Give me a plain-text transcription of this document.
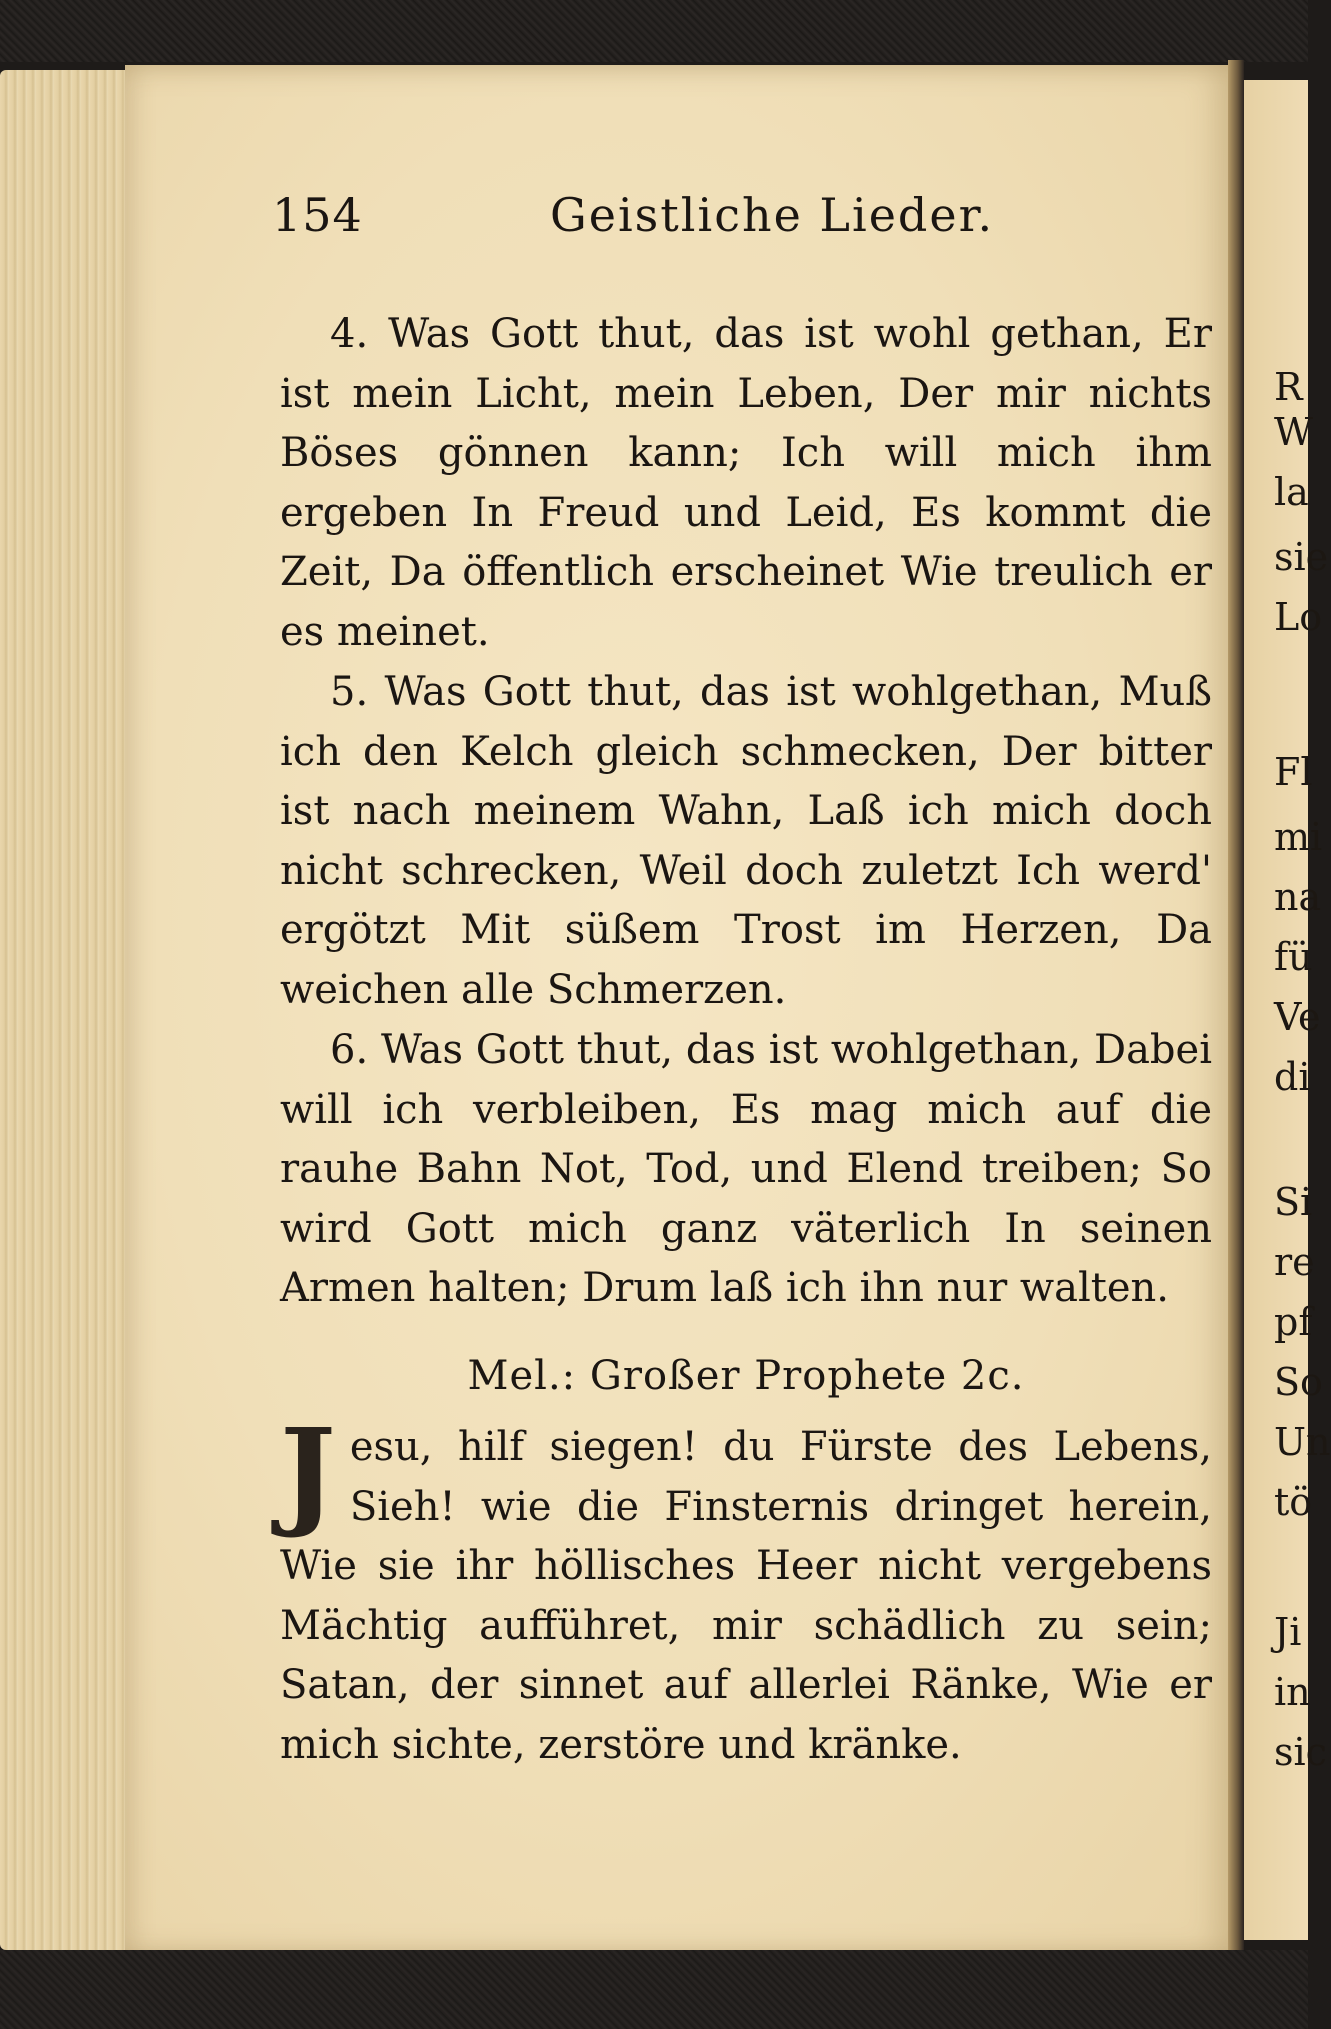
R
W
la
sie
Lo
Fl
mi
na
fü
Ve
di
Si
re
pf
So
Un
tö
Ji
in
sic
154	Geistliche Lieder.

4. Was Gott thut, das ist wohl gethan, Er ist mein Licht, mein Leben, Der mir nichts Böses gönnen kann; Ich will mich ihm ergeben In Freud und Leid, Es kommt die Zeit, Da öffentlich erscheinet Wie treulich er es meinet.

5. Was Gott thut, das ist wohlgethan, Muß ich den Kelch gleich schmecken, Der bitter ist nach meinem Wahn, Laß ich mich doch nicht schrecken, Weil doch zuletzt Ich werd' ergötzt Mit süßem Trost im Herzen, Da weichen alle Schmerzen.

6. Was Gott thut, das ist wohlgethan, Dabei will ich verbleiben, Es mag mich auf die rauhe Bahn Not, Tod, und Elend treiben; So wird Gott mich ganz väterlich In seinen Armen halten; Drum laß ich ihn nur walten.

Mel.: Großer Prophete 2c.

Jesu, hilf siegen! du Fürste des Lebens, Sieh! wie die Finsternis dringet herein, Wie sie ihr höllisches Heer nicht vergebens Mächtig aufführet, mir schädlich zu sein; Satan, der sinnet auf allerlei Ränke, Wie er mich sichte, zerstöre und kränke.
